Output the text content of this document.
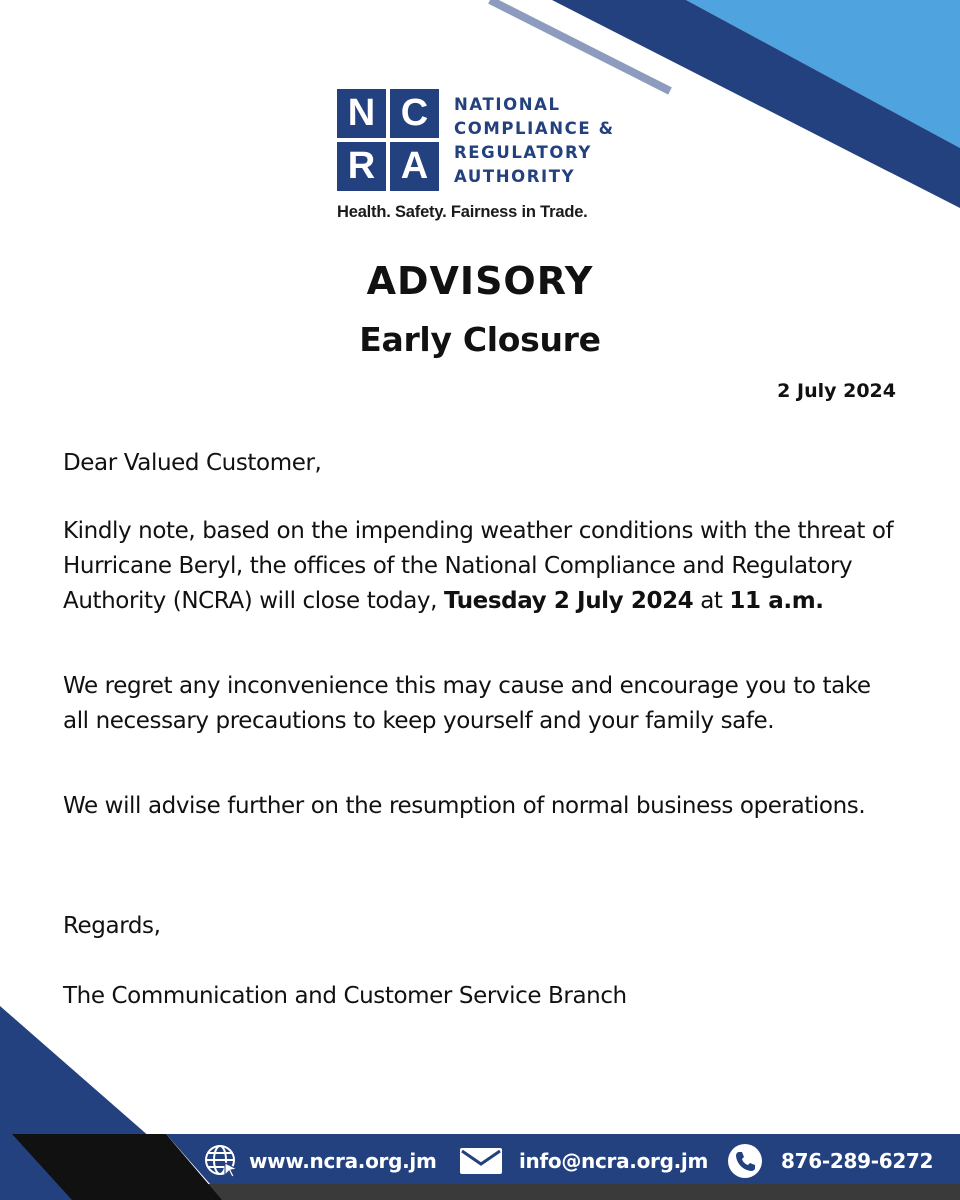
N C
R A
NATIONAL
COMPLIANCE &
REGULATORY
AUTHORITY
Health. Safety. Fairness in Trade.
ADVISORY
Early Closure
2 July 2024
Dear Valued Customer,
Kindly note, based on the impending weather conditions with the threat of Hurricane Beryl, the offices of the National Compliance and Regulatory Authority (NCRA) will close today, Tuesday 2 July 2024 at 11 a.m.
We regret any inconvenience this may cause and encourage you to take all necessary precautions to keep yourself and your family safe.
We will advise further on the resumption of normal business operations.
Regards,
The Communication and Customer Service Branch
www.ncra.org.jm	info@ncra.org.jm	876-289-6272
